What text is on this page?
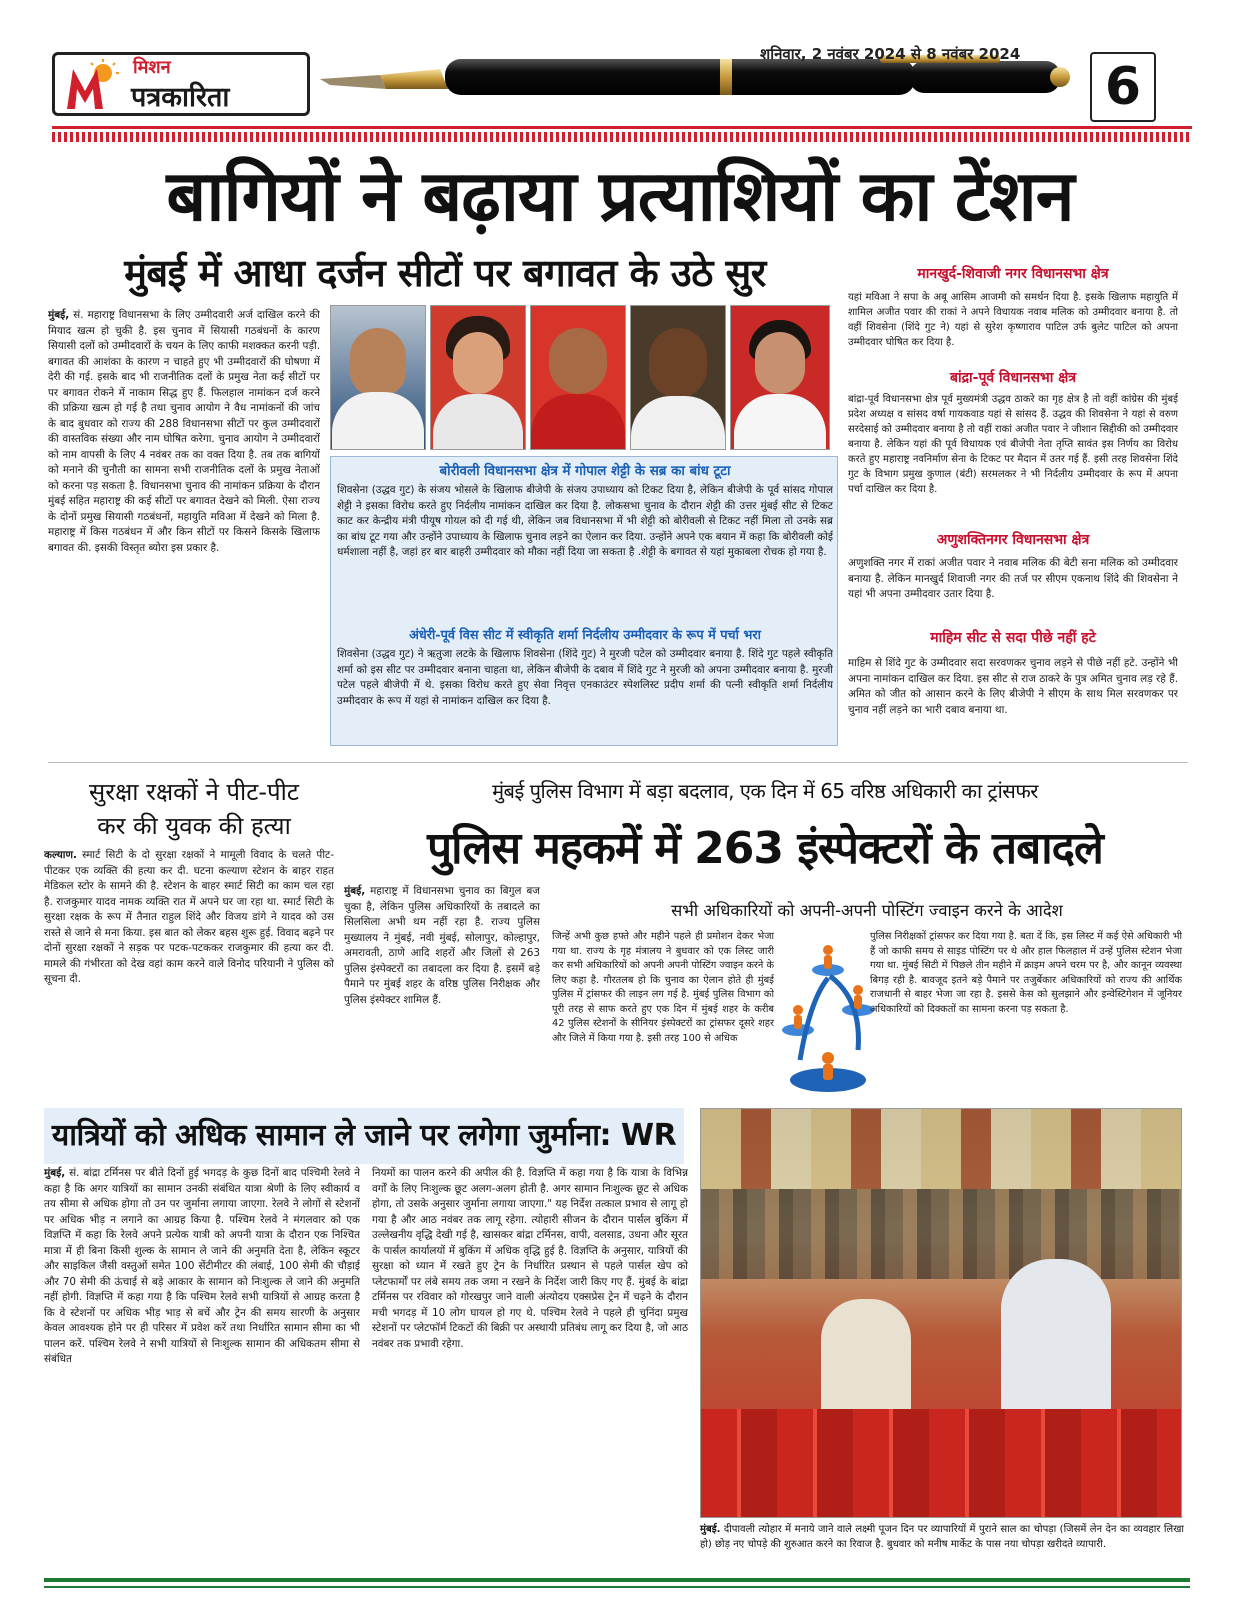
मिशन
पत्रकारिता
शनिवार, 2 नवंबर 2024 से 8 नवंबर 2024
6
बागियों ने बढ़ाया प्रत्याशियों का टेंशन
मुंबई में आधा दर्जन सीटों पर बगावत के उठे सुर
मुंबई, सं. महाराष्ट्र विधानसभा के लिए उम्मीदवारी अर्ज दाखिल करने की मियाद खत्म हो चुकी है. इस चुनाव में सियासी गठबंधनों के कारण सियासी दलों को उम्मीदवारों के चयन के लिए काफी मशक्कत करनी पड़ी. बगावत की आशंका के कारण न चाहते हुए भी उम्मीदवारों की घोषणा में देरी की गई. इसके बाद भी राजनीतिक दलों के प्रमुख नेता कई सीटों पर पर बगावत रोकने में नाकाम सिद्ध हुए हैं. फिलहाल नामांकन दर्ज करने की प्रक्रिया खत्म हो गई है तथा चुनाव आयोग ने वैध नामांकनों की जांच के बाद बुधवार को राज्य की 288 विधानसभा सीटों पर कुल उम्मीदवारों की वास्तविक संख्या और नाम घोषित करेगा. चुनाव आयोग ने उम्मीदवारों को नाम वापसी के लिए 4 नवंबर तक का वक्त दिया है. तब तक बागियों को मनाने की चुनौती का सामना सभी राजनीतिक दलों के प्रमुख नेताओं को करना पड़ सकता है. विधानसभा चुनाव की नामांकन प्रक्रिया के दौरान मुंबई सहित महाराष्ट्र की कई सीटों पर बगावत देखने को मिली. ऐसा राज्य के दोनों प्रमुख सियासी गठबंधनों, महायुति मविआ में देखने को मिला है. महाराष्ट्र में किस गठबंधन में और किन सीटों पर किसने किसके खिलाफ बगावत की. इसकी विस्तृत ब्योरा इस प्रकार है.
बोरीवली विधानसभा क्षेत्र में गोपाल शेट्टी के सब्र का बांध टूटा
शिवसेना (उद्धव गुट) के संजय भोसले के खिलाफ बीजेपी के संजय उपाध्याय को टिकट दिया है, लेकिन बीजेपी के पूर्व सांसद गोपाल शेट्टी ने इसका विरोध करते हुए निर्दलीय नामांकन दाखिल कर दिया है. लोकसभा चुनाव के दौरान शेट्टी की उत्तर मुंबई सीट से टिकट काट कर केन्द्रीय मंत्री पीयूष गोयल को दी गई थी, लेकिन जब विधानसभा में भी शेट्टी को बोरीवली से टिकट नहीं मिला तो उनके सब्र का बांध टूट गया और उन्होंने उपाध्याय के खिलाफ चुनाव लड़ने का ऐलान कर दिया. उन्होंने अपने एक बयान में कहा कि बोरीवली कोई धर्मशाला नहीं है, जहां हर बार बाहरी उम्मीदवार को मौका नहीं दिया जा सकता है .शेट्टी के बगावत से यहां मुकाबला रोचक हो गया है.
अंधेरी-पूर्व विस सीट में स्वीकृति शर्मा निर्दलीय उम्मीदवार के रूप में पर्चा भरा
शिवसेना (उद्धव गुट) ने ऋतुजा लटके के खिलाफ शिवसेना (शिंदे गुट) ने मुरजी पटेल को उम्मीदवार बनाया है. शिंदे गुट पहले स्वीकृति शर्मा को इस सीट पर उम्मीदवार बनाना चाहता था, लेकिन बीजेपी के दबाव में शिंदे गुट ने मुरजी को अपना उम्मीदवार बनाया है. मुरजी पटेल पहले बीजेपी में थे. इसका विरोध करते हुए सेवा निवृत्त एनकाउंटर स्पेशलिस्ट प्रदीप शर्मा की पत्नी स्वीकृति शर्मा निर्दलीय उम्मीदवार के रूप में यहां से नामांकन दाखिल कर दिया है.
मानखुर्द-शिवाजी नगर विधानसभा क्षेत्र
यहां मविआ ने सपा के अबू आसिम आजमी को समर्थन दिया है. इसके खिलाफ महायुति में शामिल अजीत पवार की राकां ने अपने विधायक नवाब मलिक को उम्मीदवार बनाया है. तो वहीं शिवसेना (शिंदे गुट ने) यहां से सुरेश कृष्णाराव पाटिल उर्फ बुलेट पाटिल को अपना उम्मीदवार घोषित कर दिया है.
बांद्रा-पूर्व विधानसभा क्षेत्र
बांद्रा-पूर्व विधानसभा क्षेत्र पूर्व मुख्यमंत्री उद्धव ठाकरे का गृह क्षेत्र है तो वहीं कांग्रेस की मुंबई प्रदेश अध्यक्ष व सांसद वर्षा गायकवाड यहां से सांसद हैं. उद्धव की शिवसेना ने यहां से वरुण सरदेसाई को उम्मीदवार बनाया है तो वहीं राकां अजीत पवार ने जीशान सिद्दीकी को उम्मीदवार बनाया है. लेकिन यहां की पूर्व विधायक एवं बीजेपी नेता तृप्ति सावंत इस निर्णय का विरोध करते हुए महाराष्ट्र नवनिर्माण सेना के टिकट पर मैदान में उतर गई हैं. इसी तरह शिवसेना शिंदे गुट के विभाग प्रमुख कुणाल (बंटी) सरमलकर ने भी निर्दलीय उम्मीदवार के रूप में अपना पर्चा दाखिल कर दिया है.
अणुशक्तिनगर विधानसभा क्षेत्र
अणुशक्ति नगर में राकां अजीत पवार ने नवाब मलिक की बेटी सना मलिक को उम्मीदवार बनाया है. लेकिन मानखुर्द शिवाजी नगर की तर्ज पर सीएम एकनाथ शिंदे की शिवसेना ने यहां भी अपना उम्मीदवार उतार दिया है.
माहिम सीट से सदा पीछे नहीं हटे
माहिम से शिंदे गुट के उम्मीदवार सदा सरवणकर चुनाव लड़ने से पीछे नहीं हटे. उन्होंने भी अपना नामांकन दाखिल कर दिया. इस सीट से राज ठाकरे के पुत्र अमित चुनाव लड़ रहे हैं. अमित को जीत को आसान करने के लिए बीजेपी ने सीएम के साथ मिल सरवणकर पर चुनाव नहीं लड़ने का भारी दबाव बनाया था.
सुरक्षा रक्षकों ने पीट-पीट
कर की युवक की हत्या
कल्याण. स्मार्ट सिटी के दो सुरक्षा रक्षकों ने मामूली विवाद के चलते पीट-पीटकर एक व्यक्ति की हत्या कर दी. घटना कल्याण स्टेशन के बाहर राहत मेडिकल स्टोर के सामने की है. स्टेशन के बाहर स्मार्ट सिटी का काम चल रहा है. राजकुमार यादव नामक व्यक्ति रात में अपने घर जा रहा था. स्मार्ट सिटी के सुरक्षा रक्षक के रूप में तैनात राहुल शिंदे और विजय डांगे ने यादव को उस रास्ते से जाने से मना किया. इस बात को लेकर बहस शुरू हुई. विवाद बढ़ने पर दोनों सुरक्षा रक्षकों ने सड़क पर पटक-पटककर राजकुमार की हत्या कर दी. मामले की गंभीरता को देख वहां काम करने वाले विनोद परियानी ने पुलिस को सूचना दी.
मुंबई पुलिस विभाग में बड़ा बदलाव, एक दिन में 65 वरिष्ठ अधिकारी का ट्रांसफर
पुलिस महकमें में 263 इंस्पेक्टरों के तबादले
मुंबई, महाराष्ट्र में विधानसभा चुनाव का बिगुल बज चुका है, लेकिन पुलिस अधिकारियों के तबादले का सिलसिला अभी थम नहीं रहा है. राज्य पुलिस मुख्यालय ने मुंबई, नवी मुंबई, सोलापुर, कोल्हापुर, अमरावती, ठाणे आदि शहरों और जिलों से 263 पुलिस इंस्पेक्टरों का तबादला कर दिया है. इसमें बड़े पैमाने पर मुंबई शहर के वरिष्ठ पुलिस निरीक्षक और पुलिस इंस्पेक्टर शामिल हैं.
सभी अधिकारियों को अपनी-अपनी पोस्टिंग ज्वाइन करने के आदेश
जिन्हें अभी कुछ हफ्ते और महीने पहले ही प्रमोशन देकर भेजा गया था. राज्य के गृह मंत्रालय ने बुधवार को एक लिस्ट जारी कर सभी अधिकारियों को अपनी अपनी पोस्टिंग ज्वाइन करने के लिए कहा है. गौरतलब हो कि चुनाव का ऐलान होते ही मुंबई पुलिस में ट्रांसफर की लाइन लग गई है. मुंबई पुलिस विभाग को पूरी तरह से साफ करते हुए एक दिन में मुंबई शहर के करीब 42 पुलिस स्टेशनों के सीनियर इंस्पेक्टरों का ट्रांसफर दूसरे शहर और जिले में किया गया है. इसी तरह 100 से अधिक
पुलिस निरीक्षकों ट्रांसफर कर दिया गया है. बता दें कि, इस लिस्ट में कई ऐसे अधिकारी भी हैं जो काफी समय से साइड पोस्टिंग पर थे और हाल फिलहाल में उन्हें पुलिस स्टेशन भेजा गया था. मुंबई सिटी में पिछले तीन महीने में क्राइम अपने चरम पर है, और कानून व्यवस्था बिगड़ रही है. बावजूद इतने बड़े पैमाने पर तजुर्बेकार अधिकारियों को राज्य की आर्थिक राजधानी से बाहर भेजा जा रहा है. इससे केस को सुलझाने और इन्वेस्टिगेशन में जूनियर अधिकारियों को दिक्कतों का सामना करना पड़ सकता है.
यात्रियों को अधिक सामान ले जाने पर लगेगा जुर्माना: WR
मुंबई, सं. बांद्रा टर्मिनस पर बीते दिनों हुई भगदड़ के कुछ दिनों बाद पश्चिमी रेलवे ने कहा है कि अगर यात्रियों का सामान उनकी संबंधित यात्रा श्रेणी के लिए स्वीकार्य व तय सीमा से अधिक होगा तो उन पर जुर्माना लगाया जाएगा. रेलवे ने लोगों से स्टेशनों पर अधिक भीड़ न लगाने का आग्रह किया है. पश्चिम रेलवे ने मंगलवार को एक विज्ञप्ति में कहा कि रेलवे अपने प्रत्येक यात्री को अपनी यात्रा के दौरान एक निश्चित मात्रा में ही बिना किसी शुल्क के सामान ले जाने की अनुमति देता है, लेकिन स्कूटर और साइकिल जैसी वस्तुओं समेत 100 सेंटीमीटर की लंबाई, 100 सेमी की चौड़ाई और 70 सेमी की ऊंचाई से बड़े आकार के सामान को निःशुल्क ले जाने की अनुमति नहीं होगी. विज्ञप्ति में कहा गया है कि पश्चिम रेलवे सभी यात्रियों से आग्रह करता है कि वे स्टेशनों पर अधिक भीड़ भाड़ से बचें और ट्रेन की समय सारणी के अनुसार केवल आवश्यक होने पर ही परिसर में प्रवेश करें तथा निर्धारित सामान सीमा का भी पालन करें. पश्चिम रेलवे ने सभी यात्रियों से निःशुल्क सामान की अधिकतम सीमा से संबंधित
नियमों का पालन करने की अपील की है. विज्ञप्ति में कहा गया है कि यात्रा के विभिन्न वर्गों के लिए निःशुल्क छूट अलग-अलग होती है. अगर सामान निःशुल्क छूट से अधिक होगा, तो उसके अनुसार जुर्माना लगाया जाएगा." यह निर्देश तत्काल प्रभाव से लागू हो गया है और आठ नवंबर तक लागू रहेगा. त्योहारी सीजन के दौरान पार्सल बुकिंग में उल्लेखनीय वृद्धि देखी गई है, खासकर बांद्रा टर्मिनस, वापी, वलसाड, उधना और सूरत के पार्सल कार्यालयों में बुकिंग में अधिक वृद्धि हुई है. विज्ञप्ति के अनुसार, यात्रियों की सुरक्षा को ध्यान में रखते हुए ट्रेन के निर्धारित प्रस्थान से पहले पार्सल खेप को प्लेटफार्मों पर लंबे समय तक जमा न रखने के निर्देश जारी किए गए हैं. मुंबई के बांद्रा टर्मिनस पर रविवार को गोरखपुर जाने वाली अंत्योदय एक्सप्रेस ट्रेन में चढ़ने के दौरान मची भगदड़ में 10 लोग घायल हो गए थे. पश्चिम रेलवे ने पहले ही चुनिंदा प्रमुख स्टेशनों पर प्लेटफॉर्म टिकटों की बिक्री पर अस्थायी प्रतिबंध लागू कर दिया है, जो आठ नवंबर तक प्रभावी रहेगा.
मुंबई. दीपावली त्योहार में मनाये जाने वाले लक्ष्मी पूजन दिन पर व्यापारियों में पुराने साल का चोपड़ा (जिसमें लेन देन का व्यवहार लिखा हो) छोड़ नए चोपड़े की शुरुआत करने का रिवाज है. बुधवार को मनीष मार्केट के पास नया चोपड़ा खरीदते व्यापारी.
